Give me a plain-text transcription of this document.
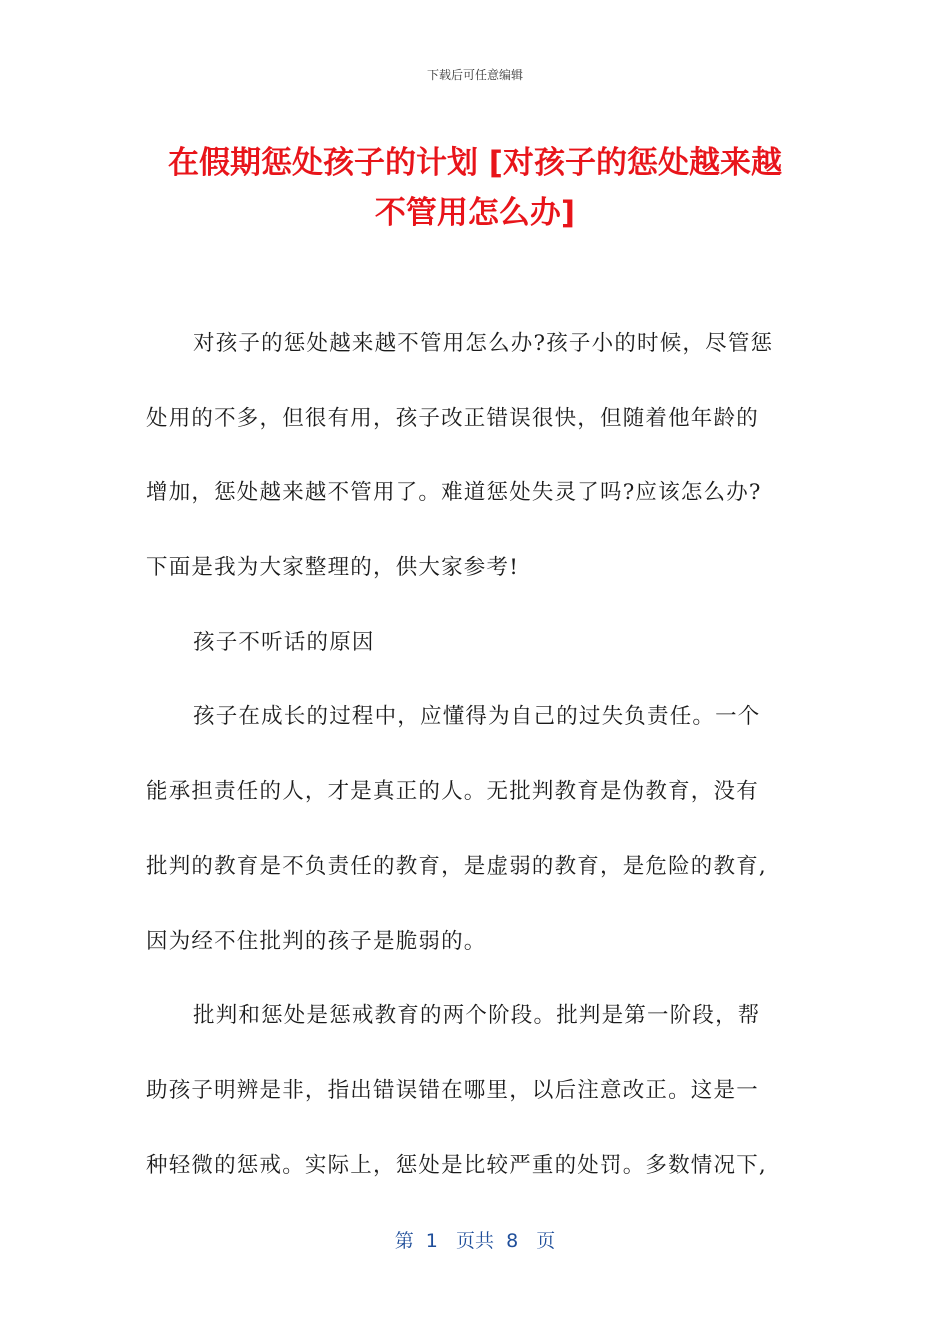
下载后可任意编辑
在假期惩处孩子的计划 [对孩子的惩处越来越
不管用怎么办]
对孩子的惩处越来越不管用怎么办?孩子小的时候，尽管惩
处用的不多，但很有用，孩子改正错误很快，但随着他年龄的
增加，惩处越来越不管用了。难道惩处失灵了吗?应该怎么办?
下面是我为大家整理的，供大家参考!
孩子不听话的原因
孩子在成长的过程中，应懂得为自己的过失负责任。一个
能承担责任的人，才是真正的人。无批判教育是伪教育，没有
批判的教育是不负责任的教育，是虚弱的教育，是危险的教育,
因为经不住批判的孩子是脆弱的。
批判和惩处是惩戒教育的两个阶段。批判是第一阶段，帮
助孩子明辨是非，指出错误错在哪里，以后注意改正。这是一
种轻微的惩戒。实际上，惩处是比较严重的处罚。多数情况下,
第  1   页共  8   页
